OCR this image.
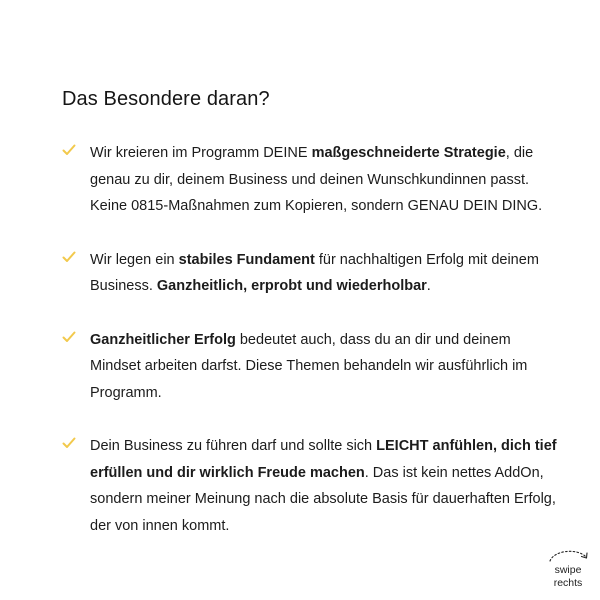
Das Besondere daran?
Wir kreieren im Programm DEINE maßgeschneiderte Strategie, die genau zu dir, deinem Business und deinen Wunschkundinnen passt. Keine 0815-Maßnahmen zum Kopieren, sondern GENAU DEIN DING.
Wir legen ein stabiles Fundament für nachhaltigen Erfolg mit deinem Business. Ganzheitlich, erprobt und wiederholbar.
Ganzheitlicher Erfolg bedeutet auch, dass du an dir und deinem Mindset arbeiten darfst. Diese Themen behandeln wir ausführlich im Programm.
Dein Business zu führen darf und sollte sich LEICHT anfühlen, dich tief erfüllen und dir wirklich Freude machen. Das ist kein nettes AddOn, sondern meiner Meinung nach die absolute Basis für dauerhaften Erfolg, der von innen kommt.
swipe
rechts
